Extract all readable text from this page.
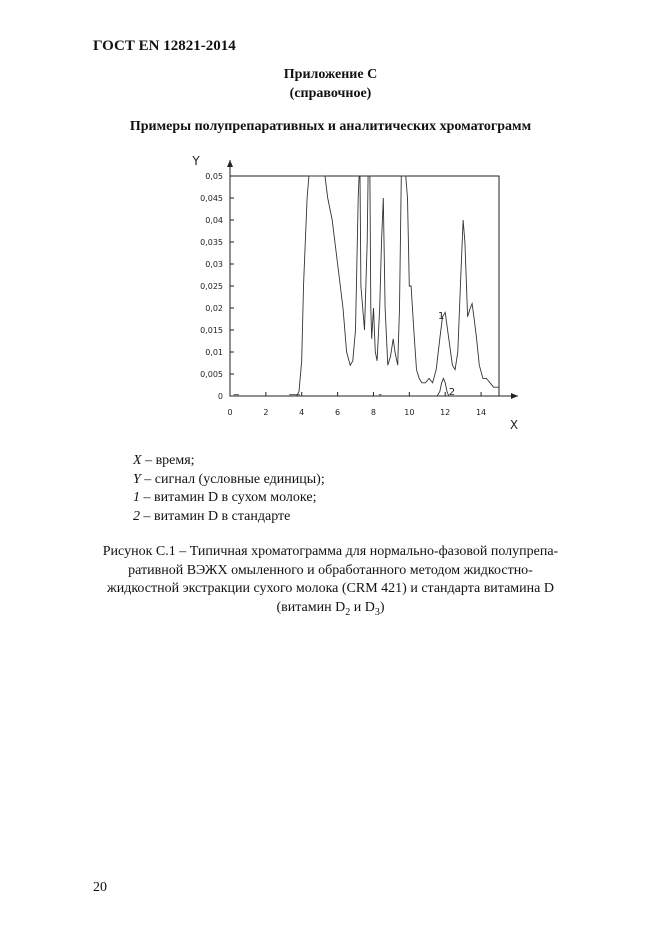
ГОСТ EN 12821-2014
Приложение С
(справочное)
Примеры полупрепаративных и аналитических хроматограмм
0
0,005
0,01
0,015
0,02
0,025
0,03
0,035
0,04
0,045
0,05
0	2	4	6	8	10	12	14
X
Y
1
2
X – время;
Y – сигнал (условные единицы);
1 – витамин D в сухом молоке;
2 – витамин D в стандарте
Рисунок С.1 – Типичная хроматограмма для нормально-фазовой полупрепа-
ративной ВЭЖХ омыленного и обработанного методом жидкостно-
жидкостной экстракции сухого молока (CRM 421) и стандарта витамина D
(витамин $D_2$ и $D_3$)
20
